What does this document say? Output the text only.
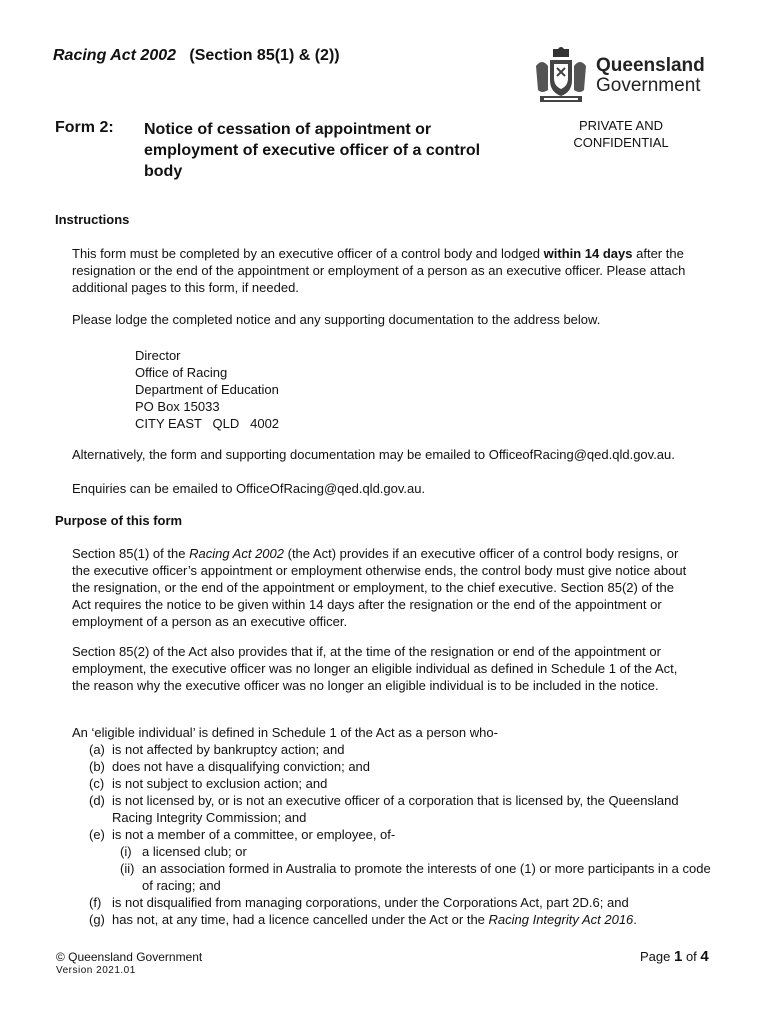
Racing Act 2002 (Section 85(1) & (2))	Queensland
Government
Form 2: Notice of cessation of appointment or employment of executive officer of a control body
PRIVATE AND CONFIDENTIAL
Instructions
This form must be completed by an executive officer of a control body and lodged within 14 days after the resignation or the end of the appointment or employment of a person as an executive officer. Please attach additional pages to this form, if needed.
Please lodge the completed notice and any supporting documentation to the address below.
Director
Office of Racing
Department of Education
PO Box 15033
CITY EAST   QLD   4002
Alternatively, the form and supporting documentation may be emailed to OfficeofRacing@qed.qld.gov.au.
Enquiries can be emailed to OfficeOfRacing@qed.qld.gov.au.
Purpose of this form
Section 85(1) of the Racing Act 2002 (the Act) provides if an executive officer of a control body resigns, or the executive officer’s appointment or employment otherwise ends, the control body must give notice about the resignation, or the end of the appointment or employment, to the chief executive. Section 85(2) of the Act requires the notice to be given within 14 days after the resignation or the end of the appointment or employment of a person as an executive officer.
Section 85(2) of the Act also provides that if, at the time of the resignation or end of the appointment or employment, the executive officer was no longer an eligible individual as defined in Schedule 1 of the Act, the reason why the executive officer was no longer an eligible individual is to be included in the notice.
An ‘eligible individual’ is defined in Schedule 1 of the Act as a person who-
(a) is not affected by bankruptcy action; and
(b) does not have a disqualifying conviction; and
(c) is not subject to exclusion action; and
(d) is not licensed by, or is not an executive officer of a corporation that is licensed by, the Queensland Racing Integrity Commission; and
(e) is not a member of a committee, or employee, of-
(i) a licensed club; or
(ii) an association formed in Australia to promote the interests of one (1) or more participants in a code of racing; and
(f) is not disqualified from managing corporations, under the Corporations Act, part 2D.6; and
(g) has not, at any time, had a licence cancelled under the Act or the Racing Integrity Act 2016.
© Queensland Government
Version 2021.01
Page 1 of 4
